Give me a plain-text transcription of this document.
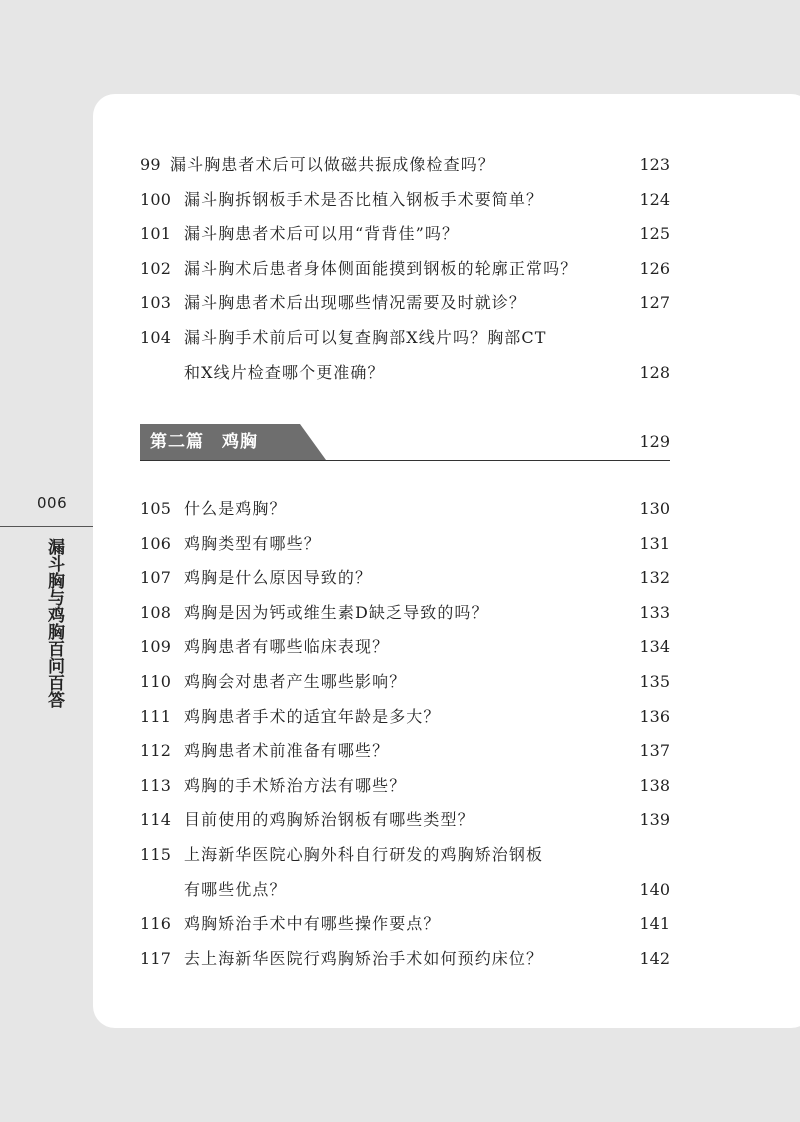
006
漏斗胸与鸡胸百问百答
99 漏斗胸患者术后可以做磁共振成像检查吗？	123
100 漏斗胸拆钢板手术是否比植入钢板手术要简单？	124
101 漏斗胸患者术后可以用“背背佳”吗？	125
102 漏斗胸术后患者身体侧面能摸到钢板的轮廓正常吗？	126
103 漏斗胸患者术后出现哪些情况需要及时就诊？	127
104 漏斗胸手术前后可以复查胸部X线片吗？胸部CT
和X线片检查哪个更准确？	128
第二篇　鸡胸	129
105 什么是鸡胸？	130
106 鸡胸类型有哪些？	131
107 鸡胸是什么原因导致的？	132
108 鸡胸是因为钙或维生素D缺乏导致的吗？	133
109 鸡胸患者有哪些临床表现？	134
110 鸡胸会对患者产生哪些影响？	135
111 鸡胸患者手术的适宜年龄是多大？	136
112 鸡胸患者术前准备有哪些？	137
113 鸡胸的手术矫治方法有哪些？	138
114 目前使用的鸡胸矫治钢板有哪些类型？	139
115 上海新华医院心胸外科自行研发的鸡胸矫治钢板
有哪些优点？	140
116 鸡胸矫治手术中有哪些操作要点？	141
117 去上海新华医院行鸡胸矫治手术如何预约床位？	142
